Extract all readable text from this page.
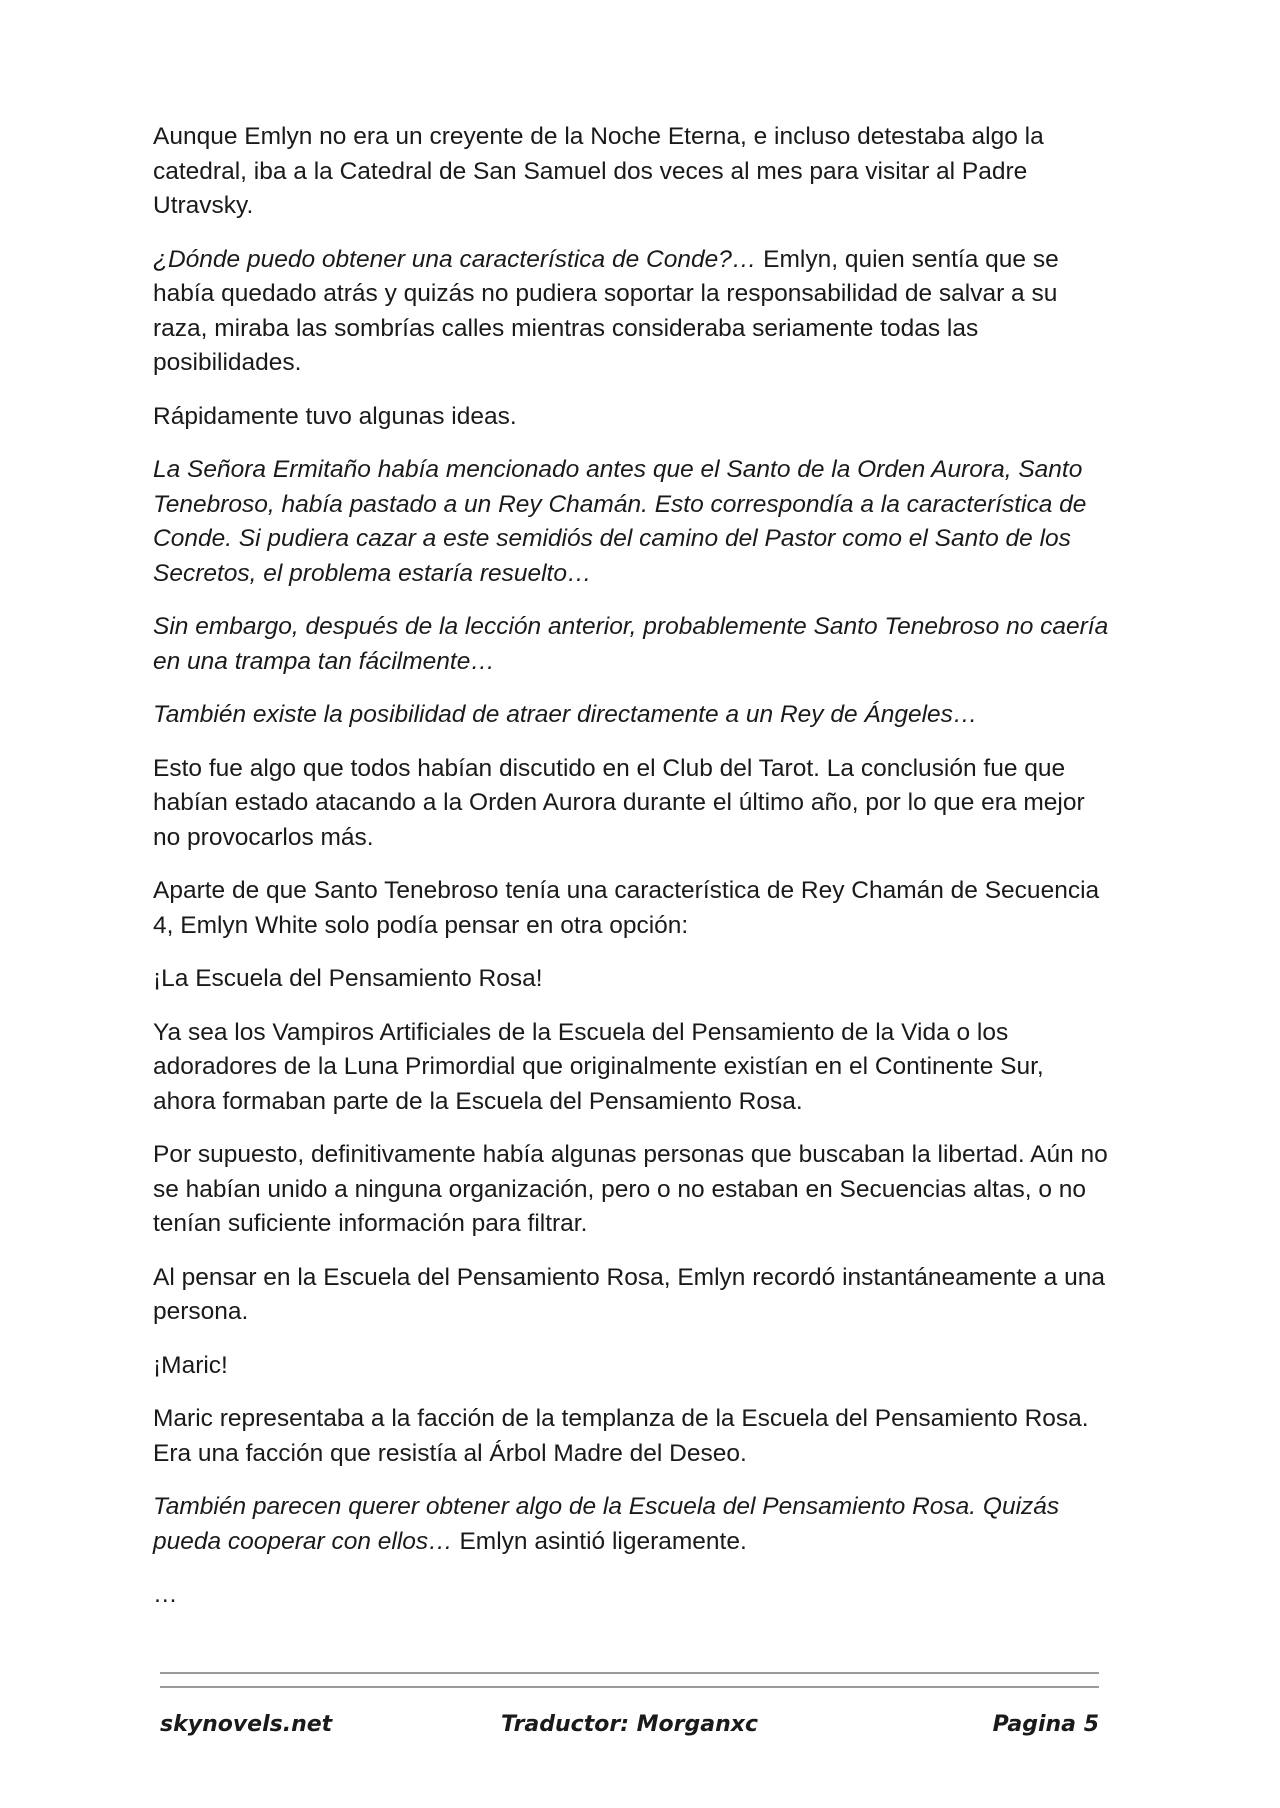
Aunque Emlyn no era un creyente de la Noche Eterna, e incluso detestaba algo la catedral, iba a la Catedral de San Samuel dos veces al mes para visitar al Padre Utravsky.

¿Dónde puedo obtener una característica de Conde?… Emlyn, quien sentía que se había quedado atrás y quizás no pudiera soportar la responsabilidad de salvar a su raza, miraba las sombrías calles mientras consideraba seriamente todas las posibilidades.

Rápidamente tuvo algunas ideas.

La Señora Ermitaño había mencionado antes que el Santo de la Orden Aurora, Santo Tenebroso, había pastado a un Rey Chamán. Esto correspondía a la característica de Conde. Si pudiera cazar a este semidiós del camino del Pastor como el Santo de los Secretos, el problema estaría resuelto…

Sin embargo, después de la lección anterior, probablemente Santo Tenebroso no caería en una trampa tan fácilmente…

También existe la posibilidad de atraer directamente a un Rey de Ángeles…

Esto fue algo que todos habían discutido en el Club del Tarot. La conclusión fue que habían estado atacando a la Orden Aurora durante el último año, por lo que era mejor no provocarlos más.

Aparte de que Santo Tenebroso tenía una característica de Rey Chamán de Secuencia 4, Emlyn White solo podía pensar en otra opción:

¡La Escuela del Pensamiento Rosa!

Ya sea los Vampiros Artificiales de la Escuela del Pensamiento de la Vida o los adoradores de la Luna Primordial que originalmente existían en el Continente Sur, ahora formaban parte de la Escuela del Pensamiento Rosa.

Por supuesto, definitivamente había algunas personas que buscaban la libertad. Aún no se habían unido a ninguna organización, pero o no estaban en Secuencias altas, o no tenían suficiente información para filtrar.

Al pensar en la Escuela del Pensamiento Rosa, Emlyn recordó instantáneamente a una persona.

¡Maric!

Maric representaba a la facción de la templanza de la Escuela del Pensamiento Rosa. Era una facción que resistía al Árbol Madre del Deseo.

También parecen querer obtener algo de la Escuela del Pensamiento Rosa. Quizás pueda cooperar con ellos… Emlyn asintió ligeramente.

…

skynovels.net	Traductor: Morganxc	Pagina 5
